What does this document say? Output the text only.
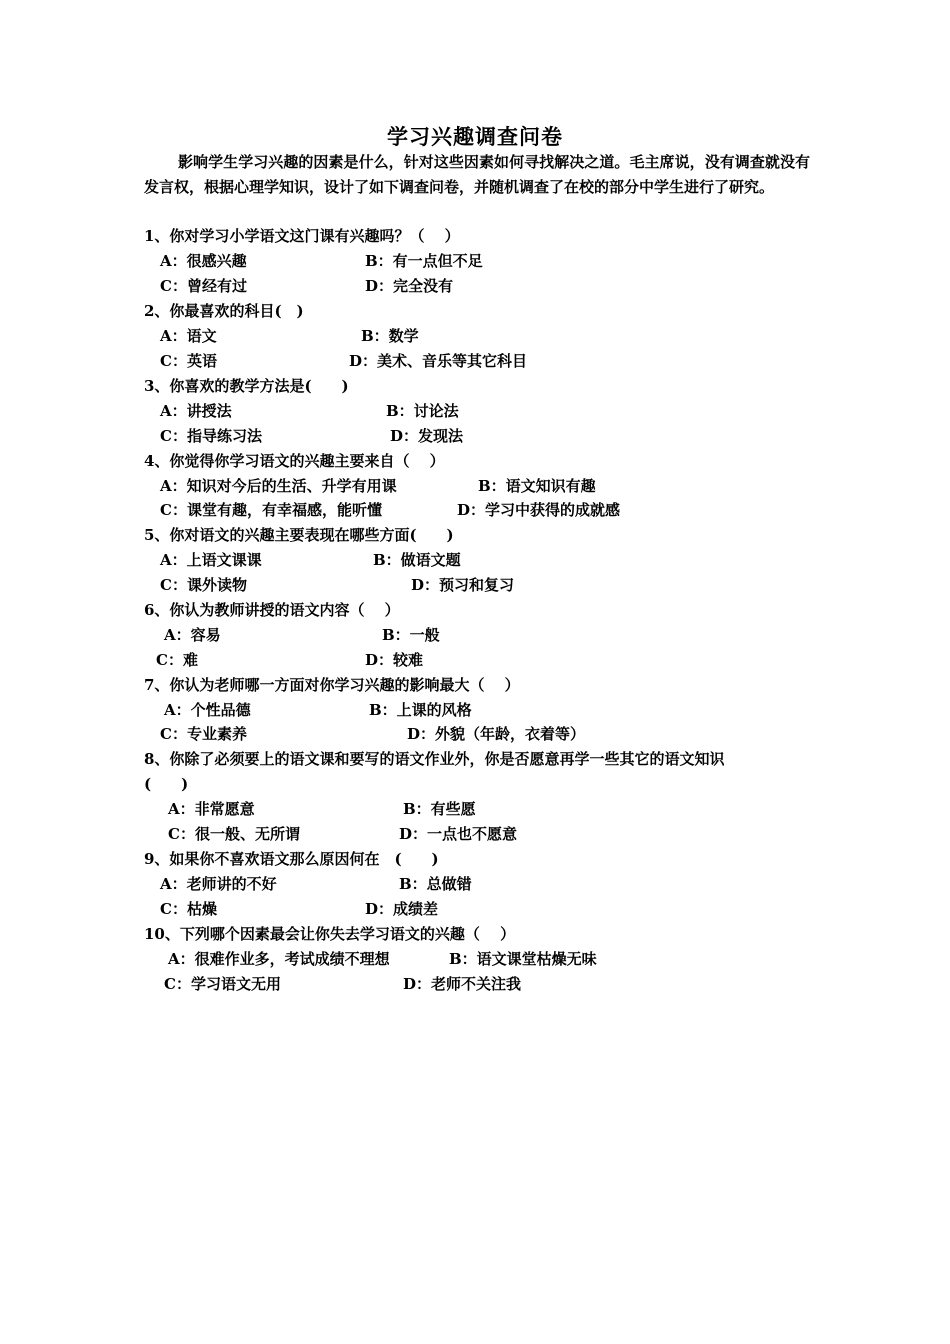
学习兴趣调查问卷
影响学生学习兴趣的因素是什么，针对这些因素如何寻找解决之道。毛主席说，没有调查就没有发言权，根据心理学知识，设计了如下调查问卷，并随机调查了在校的部分中学生进行了研究。
1、你对学习小学语文这门课有兴趣吗？（　 ）
A：很感兴趣	B：有一点但不足
C：曾经有过	D：完全没有
2、你最喜欢的科目(　)
A：语文	B：数学
C：英语	D：美术、音乐等其它科目
3、你喜欢的教学方法是(　　)
A：讲授法	B：讨论法
C：指导练习法	D：发现法
4、你觉得你学习语文的兴趣主要来自（　 ）
A：知识对今后的生活、升学有用课	B：语文知识有趣
C：课堂有趣，有幸福感，能听懂	D：学习中获得的成就感
5、你对语文的兴趣主要表现在哪些方面(　　)
A：上语文课课	B：做语文题
C：课外读物	D：预习和复习
6、你认为教师讲授的语文内容（　 ）
A：容易	B：一般
C：难	D：较难
7、你认为老师哪一方面对你学习兴趣的影响最大（　 ）
A：个性品德	B：上课的风格
C：专业素养	D：外貌（年龄，衣着等）
8、你除了必须要上的语文课和要写的语文作业外，你是否愿意再学一些其它的语文知识
(　　)
A：非常愿意	B：有些愿
C：很一般、无所谓	D：一点也不愿意
9、如果你不喜欢语文那么原因何在　(　　)
A：老师讲的不好	B：总做错
C：枯燥	D：成绩差
10、下列哪个因素最会让你失去学习语文的兴趣（　 ）
A：很难作业多，考试成绩不理想	B：语文课堂枯燥无味
C：学习语文无用	D：老师不关注我
